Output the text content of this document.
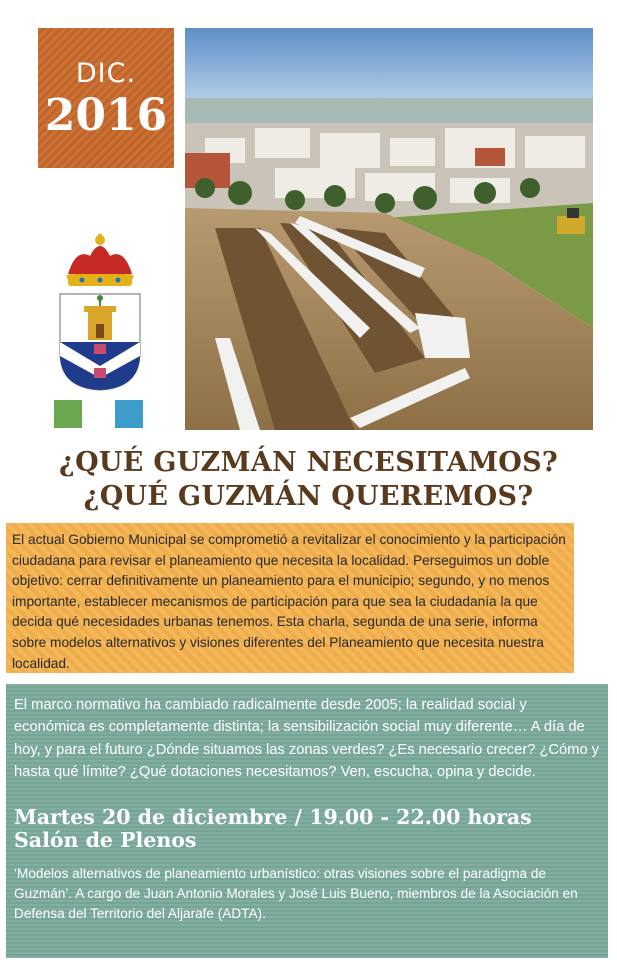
DIC.
2016
¿QUÉ GUZMÁN NECESITAMOS?
¿QUÉ GUZMÁN QUEREMOS?

El actual Gobierno Municipal se comprometió a revitalizar el conocimiento y la participación ciudadana para revisar el planeamiento que necesita la localidad. Perseguimos un doble objetivo: cerrar definitivamente un planeamiento para el municipio; segundo, y no menos importante, establecer mecanismos de participación para que sea la ciudadanía la que decida qué necesidades urbanas tenemos. Esta charla, segunda de una serie, informa sobre modelos alternativos y visiones diferentes del Planeamiento que necesita nuestra localidad.

El marco normativo ha cambiado radicalmente desde 2005; la realidad social y económica es completamente distinta; la sensibilización social muy diferente… A día de hoy, y para el futuro ¿Dónde situamos las zonas verdes? ¿Es necesario crecer? ¿Cómo y hasta qué límite? ¿Qué dotaciones necesitamos? Ven, escucha, opina y decide.

Martes 20 de diciembre / 19.00 - 22.00 horas
Salón de Plenos
‘Modelos alternativos de planeamiento urbanístico: otras visiones sobre el paradigma de Guzmán’. A cargo de Juan Antonio Morales y José Luis Bueno, miembros de la Asociación en Defensa del Territorio del Aljarafe (ADTA).
